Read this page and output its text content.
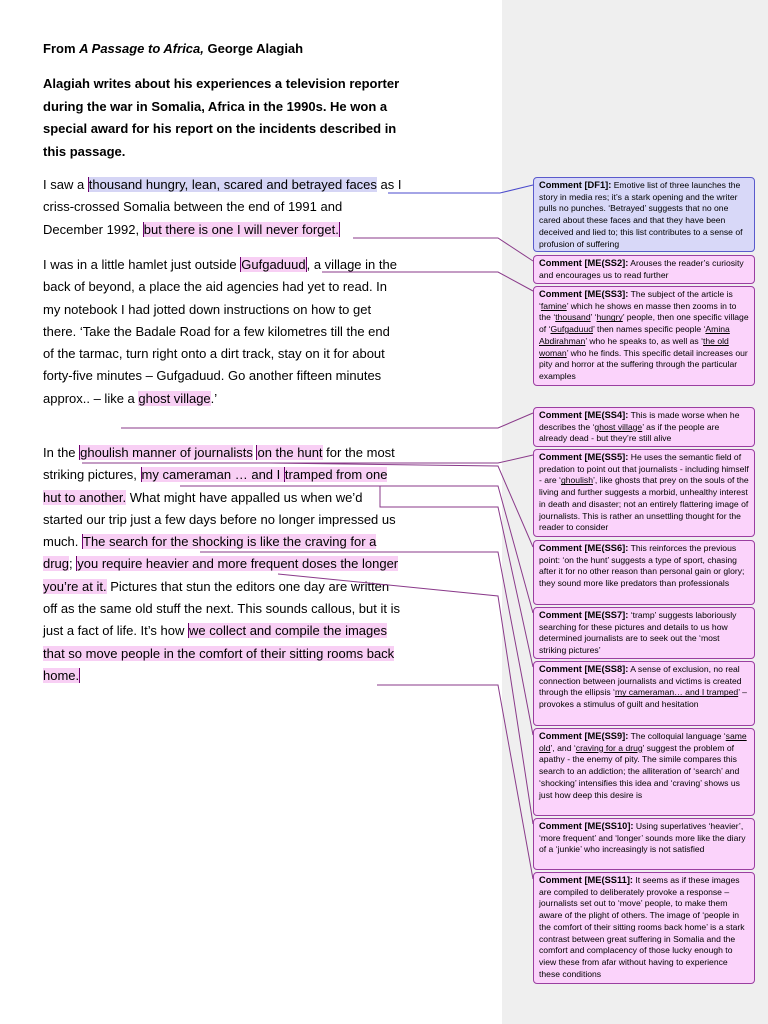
From A Passage to Africa, George Alagiah
Alagiah writes about his experiences a television reporter during the war in Somalia, Africa in the 1990s. He won a special award for his report on the incidents described in this passage.
I saw a thousand hungry, lean, scared and betrayed faces as I criss-crossed Somalia between the end of 1991 and December 1992, but there is one I will never forget.
I was in a little hamlet just outside Gufgaduud, a village in the back of beyond, a place the aid agencies had yet to read. In my notebook I had jotted down instructions on how to get there. ‘Take the Badale Road for a few kilometres till the end of the tarmac, turn right onto a dirt track, stay on it for about forty-five minutes – Gufgaduud. Go another fifteen minutes approx.. – like a ghost village.’
In the ghoulish manner of journalists on the hunt for the most striking pictures, my cameraman … and I tramped from one hut to another. What might have appalled us when we’d started our trip just a few days before no longer impressed us much. The search for the shocking is like the craving for a drug; you require heavier and more frequent doses the longer you’re at it. Pictures that stun the editors one day are written off as the same old stuff the next. This sounds callous, but it is just a fact of life. It’s how we collect and compile the images that so move people in the comfort of their sitting rooms back home.
Comment [DF1]: Emotive list of three launches the story in media res; it’s a stark opening and the writer pulls no punches. ‘Betrayed’ suggests that no one cared about these faces and that they have been deceived and lied to; this list contributes to a sense of profusion of suffering
Comment [ME(SS2]: Arouses the reader’s curiosity and encourages us to read further
Comment [ME(SS3]: The subject of the article is ‘famine’ which he shows en masse then zooms in to the ‘thousand’ ‘hungry’ people, then one specific village of ‘Gufgaduud’ then names specific people ‘Amina Abdirahman’ who he speaks to, as well as ‘the old woman’ who he finds. This specific detail increases our pity and horror at the suffering through the particular examples
Comment [ME(SS4]: This is made worse when he describes the ‘ghost village’ as if the people are already dead - but they’re still alive
Comment [ME(SS5]: He uses the semantic field of predation to point out that journalists - including himself - are ‘ghoulish’, like ghosts that prey on the souls of the living and further suggests a morbid, unhealthy interest in death and disaster; not an entirely flattering image of journalists. This is rather an unsettling thought for the reader to consider
Comment [ME(SS6]: This reinforces the previous point: ‘on the hunt’ suggests a type of sport, chasing after it for no other reason than personal gain or glory; they sound more like predators than professionals
Comment [ME(SS7]: ‘tramp’ suggests laboriously searching for these pictures and details to us how determined journalists are to seek out the ‘most striking pictures’
Comment [ME(SS8]: A sense of exclusion, no real connection between journalists and victims is created through the ellipsis ‘my cameraman… and I tramped’ – provokes a stimulus of guilt and hesitation
Comment [ME(SS9]: The colloquial language ‘same old’, and ‘craving for a drug’ suggest the problem of apathy - the enemy of pity. The simile compares this search to an addiction; the alliteration of ‘search’ and ‘shocking’ intensifies this idea and ‘craving’ shows us just how deep this desire is
Comment [ME(SS10]: Using superlatives ‘heavier’, ‘more frequent’ and ‘longer’ sounds more like the diary of a ‘junkie’ who increasingly is not satisfied
Comment [ME(SS11]: It seems as if these images are compiled to deliberately provoke a response – journalists set out to ‘move’ people, to make them aware of the plight of others. The image of ‘people in the comfort of their sitting rooms back home’ is a stark contrast between great suffering in Somalia and the comfort and complacency of those lucky enough to view these from afar without having to experience these conditions
